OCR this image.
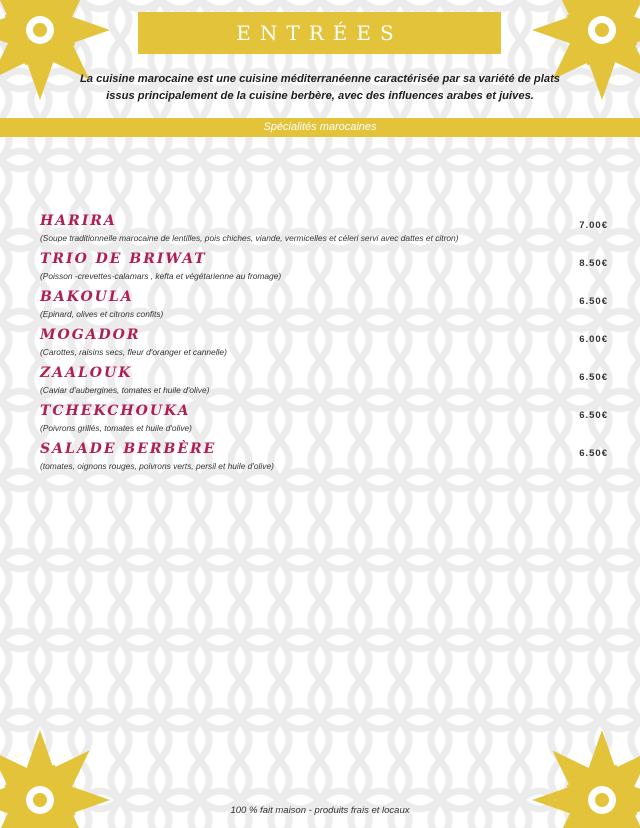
ENTRÉES
La cuisine marocaine est une cuisine méditerranéenne caractérisée par sa variété de plats issus principalement de la cuisine berbère, avec des influences arabes et juives.
Spécialités marocaines
HARIRA
(Soupe traditionnelle marocaine de lentilles, pois chiches, viande, vermicelles et céleri servi avec dattes et citron)
7.00€
TRIO DE BRIWAT
(Poisson -crevettes-calamars , kefta et végétarienne au fromage)
8.50€
BAKOULA
(Epinard, olives et citrons confits)
6.50€
MOGADOR
(Carottes, raisins secs, fleur d'oranger et cannelle)
6.00€
ZAALOUK
(Caviar d'aubergines, tomates et huile d'olive)
6.50€
TCHEKCHOUKA
(Poivrons grillés, tomates et huile d'olive)
6.50€
SALADE BERBÈRE
(tomates, oignons rouges, poivrons verts, persil et huile d'olive)
6.50€
100 % fait maison - produits frais et locaux
